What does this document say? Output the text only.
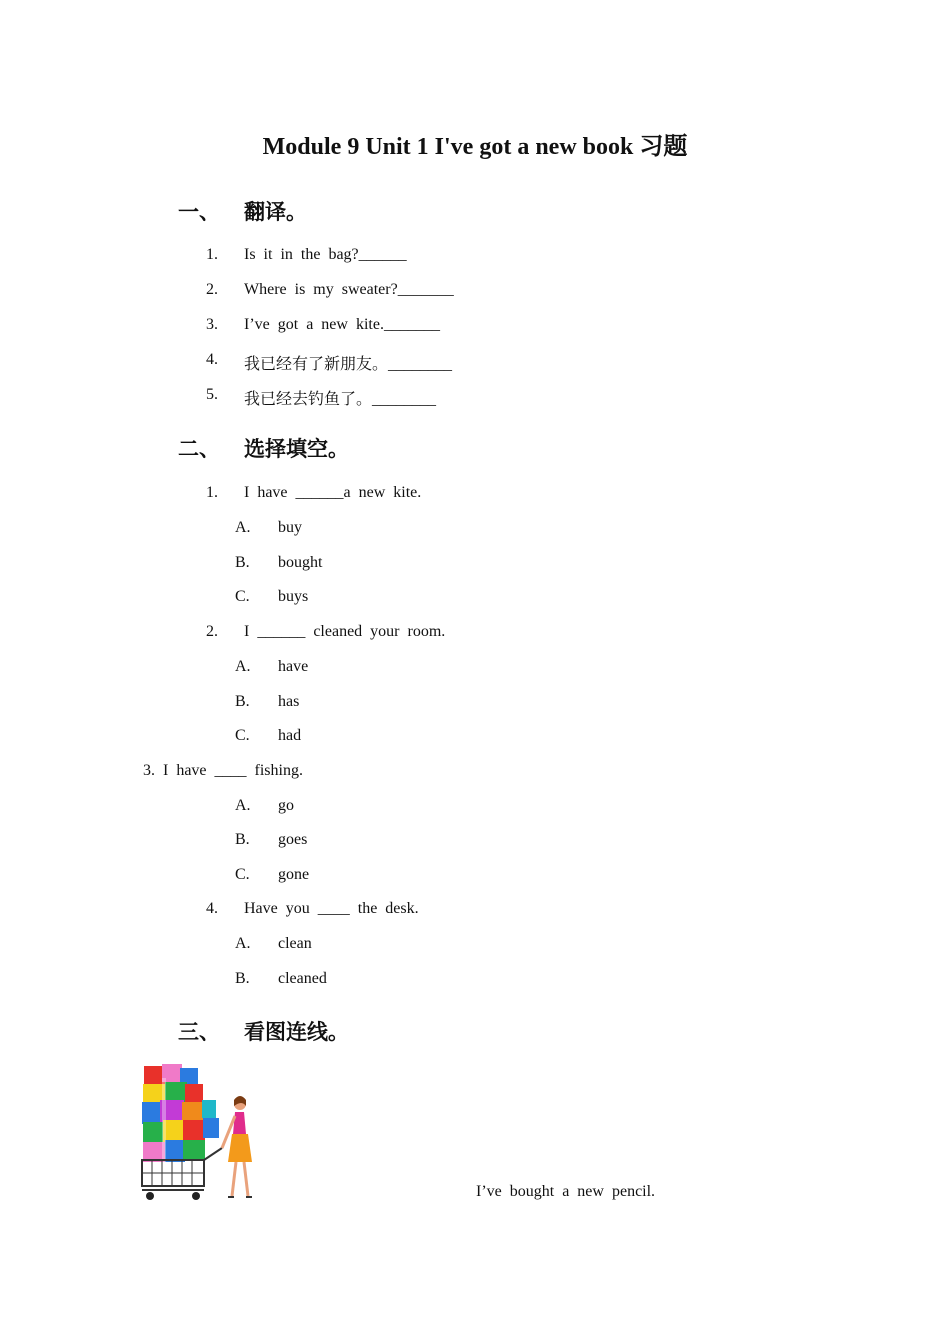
Module 9 Unit 1 I've got a new book 习题
一、 翻译。
1. Is it in the bag?______
2. Where is my sweater?_______
3. I’ve got a new kite._______
4. 我已经有了新朋友。________
5. 我已经去钓鱼了。________
二、 选择填空。
1. I have ______a new kite.
A. buy
B. bought
C. buys
2. I ______ cleaned your room.
A. have
B. has
C. had
3. I have ____ fishing.
A. go
B. goes
C. gone
4. Have you ____ the desk.
A. clean
B. cleaned
三、 看图连线。
I’ve bought a new pencil.
